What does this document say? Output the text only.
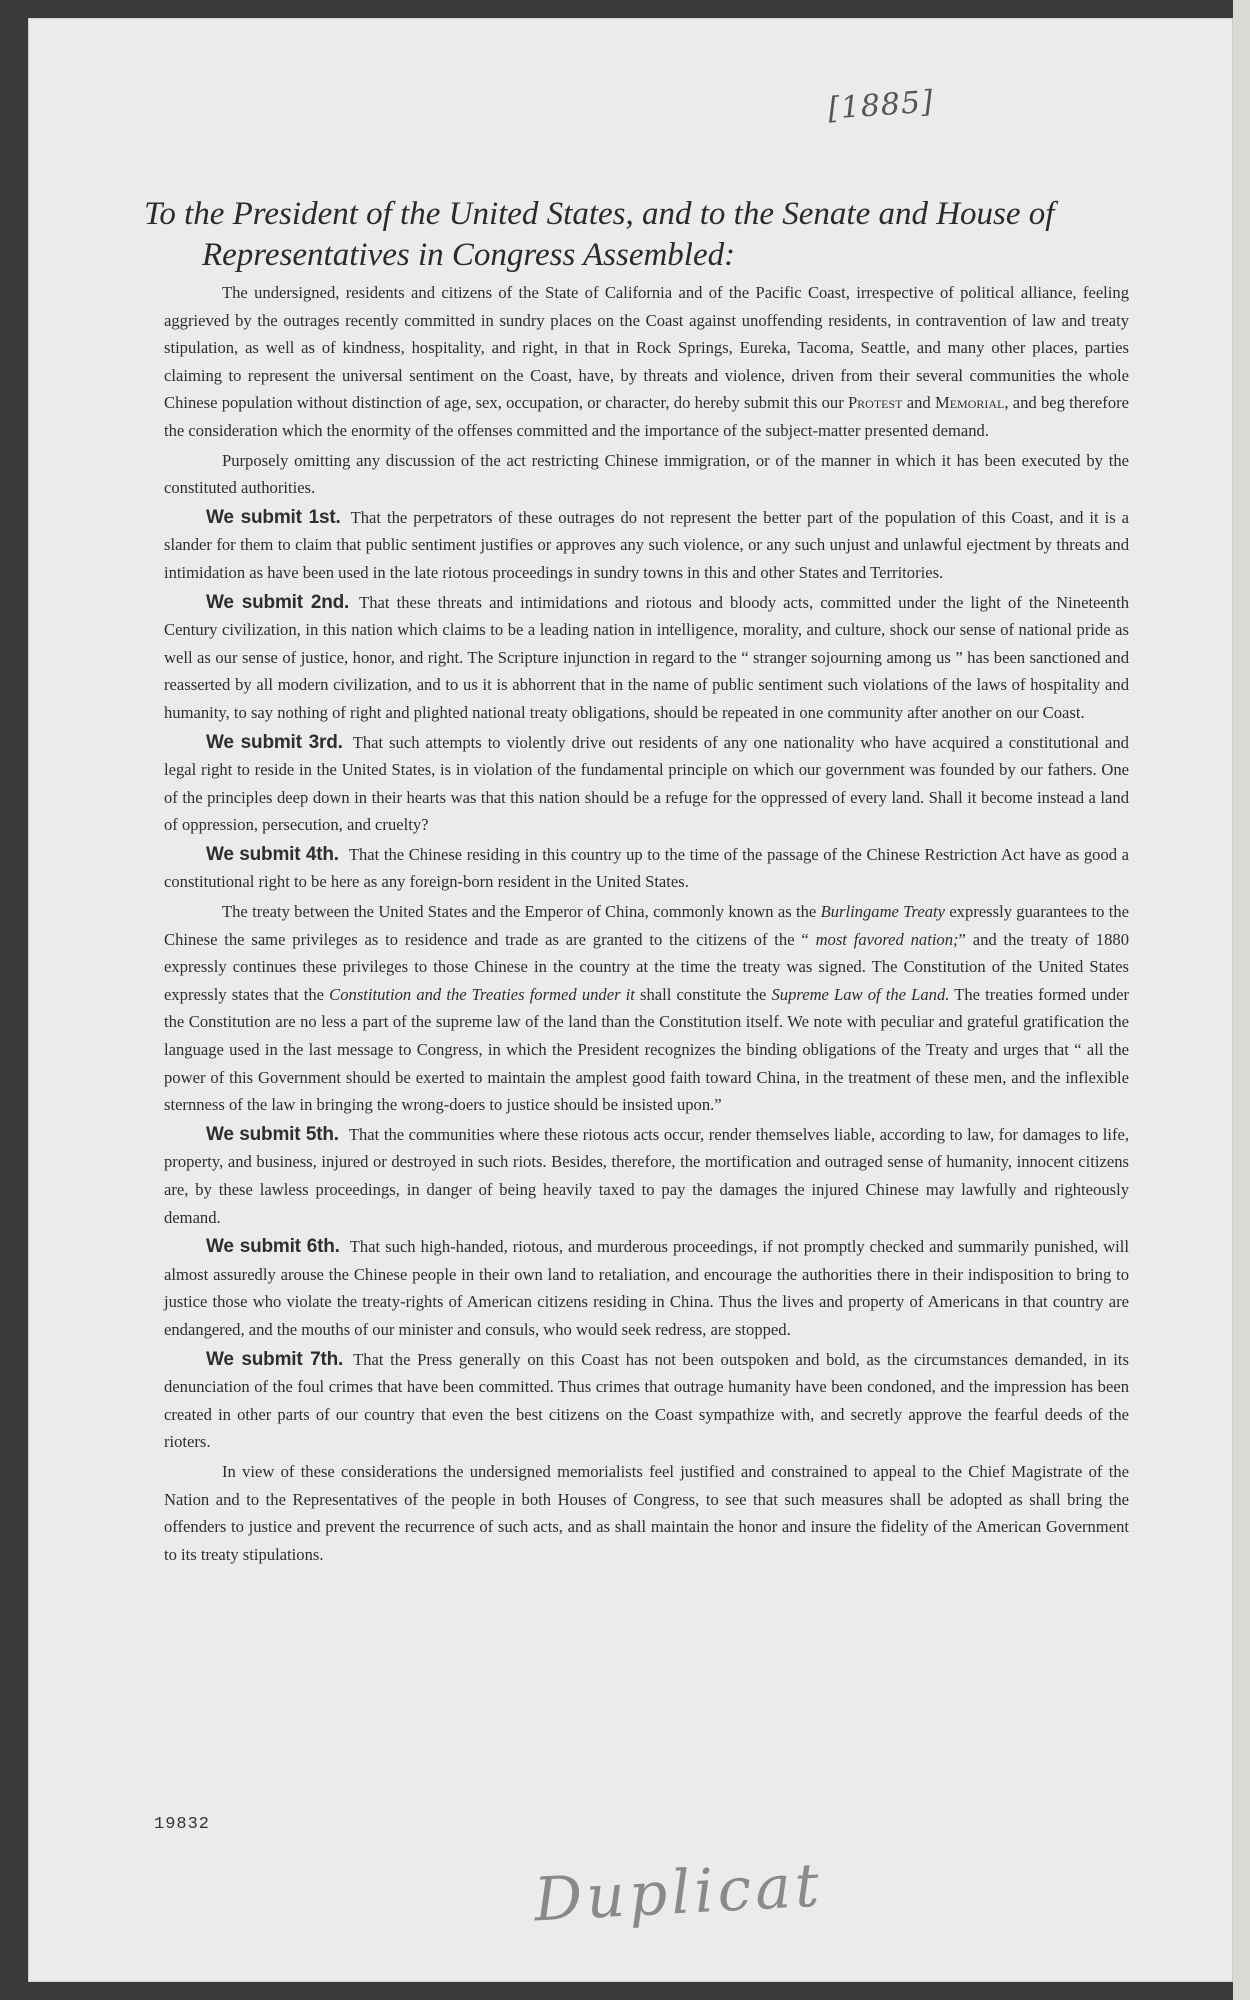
[1885]
To the President of the United States, and to the Senate and House of
Representatives in Congress Assembled:

The undersigned, residents and citizens of the State of California and of the Pacific Coast, irrespective of political alliance, feeling aggrieved by the outrages recently committed in sundry places on the Coast against unoffending residents, in contravention of law and treaty stipulation, as well as of kindness, hospitality, and right, in that in Rock Springs, Eureka, Tacoma, Seattle, and many other places, parties claiming to represent the universal sentiment on the Coast, have, by threats and violence, driven from their several communities the whole Chinese population without distinction of age, sex, occupation, or character, do hereby submit this our Protest and Memorial, and beg therefore the consideration which the enormity of the offenses committed and the importance of the subject-matter presented demand.

Purposely omitting any discussion of the act restricting Chinese immigration, or of the manner in which it has been executed by the constituted authorities.

We submit 1st. That the perpetrators of these outrages do not represent the better part of the population of this Coast, and it is a slander for them to claim that public sentiment justifies or approves any such violence, or any such unjust and unlawful ejectment by threats and intimidation as have been used in the late riotous proceedings in sundry towns in this and other States and Territories.

We submit 2nd. That these threats and intimidations and riotous and bloody acts, committed under the light of the Nineteenth Century civilization, in this nation which claims to be a leading nation in intelligence, morality, and culture, shock our sense of national pride as well as our sense of justice, honor, and right. The Scripture injunction in regard to the “ stranger sojourning among us ” has been sanctioned and reasserted by all modern civilization, and to us it is abhorrent that in the name of public sentiment such violations of the laws of hospitality and humanity, to say nothing of right and plighted national treaty obligations, should be repeated in one community after another on our Coast.

We submit 3rd. That such attempts to violently drive out residents of any one nationality who have acquired a constitutional and legal right to reside in the United States, is in violation of the fundamental principle on which our government was founded by our fathers. One of the principles deep down in their hearts was that this nation should be a refuge for the oppressed of every land. Shall it become instead a land of oppression, persecution, and cruelty?

We submit 4th. That the Chinese residing in this country up to the time of the passage of the Chinese Restriction Act have as good a constitutional right to be here as any foreign-born resident in the United States.

The treaty between the United States and the Emperor of China, commonly known as the Burlingame Treaty expressly guarantees to the Chinese the same privileges as to residence and trade as are granted to the citizens of the “ most favored nation;” and the treaty of 1880 expressly continues these privileges to those Chinese in the country at the time the treaty was signed. The Constitution of the United States expressly states that the Constitution and the Treaties formed under it shall constitute the Supreme Law of the Land. The treaties formed under the Constitution are no less a part of the supreme law of the land than the Constitution itself. We note with peculiar and grateful gratification the language used in the last message to Congress, in which the President recognizes the binding obligations of the Treaty and urges that “ all the power of this Government should be exerted to maintain the amplest good faith toward China, in the treatment of these men, and the inflexible sternness of the law in bringing the wrong-doers to justice should be insisted upon.”

We submit 5th. That the communities where these riotous acts occur, render themselves liable, according to law, for damages to life, property, and business, injured or destroyed in such riots. Besides, therefore, the mortification and outraged sense of humanity, innocent citizens are, by these lawless proceedings, in danger of being heavily taxed to pay the damages the injured Chinese may lawfully and righteously demand.

We submit 6th. That such high-handed, riotous, and murderous proceedings, if not promptly checked and summarily punished, will almost assuredly arouse the Chinese people in their own land to retaliation, and encourage the authorities there in their indisposition to bring to justice those who violate the treaty-rights of American citizens residing in China. Thus the lives and property of Americans in that country are endangered, and the mouths of our minister and consuls, who would seek redress, are stopped.

We submit 7th. That the Press generally on this Coast has not been outspoken and bold, as the circumstances demanded, in its denunciation of the foul crimes that have been committed. Thus crimes that outrage humanity have been condoned, and the impression has been created in other parts of our country that even the best citizens on the Coast sympathize with, and secretly approve the fearful deeds of the rioters.

In view of these considerations the undersigned memorialists feel justified and constrained to appeal to the Chief Magistrate of the Nation and to the Representatives of the people in both Houses of Congress, to see that such measures shall be adopted as shall bring the offenders to justice and prevent the recurrence of such acts, and as shall maintain the honor and insure the fidelity of the American Government to its treaty stipulations.

19832
Duplicat
